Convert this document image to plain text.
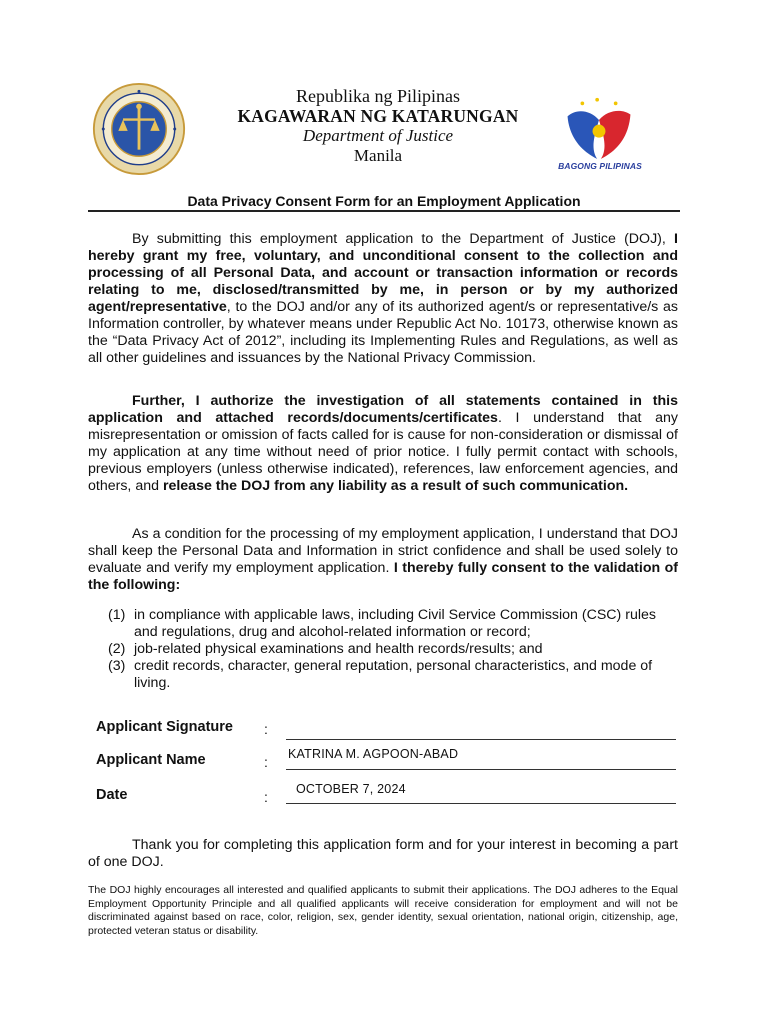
Republika ng Pilipinas
KAGAWARAN NG KATARUNGAN
Department of Justice
Manila
BAGONG PILIPINAS
Data Privacy Consent Form for an Employment Application
By submitting this employment application to the Department of Justice (DOJ), I hereby grant my free, voluntary, and unconditional consent to the collection and processing of all Personal Data, and account or transaction information or records relating to me, disclosed/transmitted by me, in person or by my authorized agent/representative, to the DOJ and/or any of its authorized agent/s or representative/s as Information controller, by whatever means under Republic Act No. 10173, otherwise known as the “Data Privacy Act of 2012”, including its Implementing Rules and Regulations, as well as all other guidelines and issuances by the National Privacy Commission.
Further, I authorize the investigation of all statements contained in this application and attached records/documents/certificates. I understand that any misrepresentation or omission of facts called for is cause for non-consideration or dismissal of my application at any time without need of prior notice. I fully permit contact with schools, previous employers (unless otherwise indicated), references, law enforcement agencies, and others, and release the DOJ from any liability as a result of such communication.
As a condition for the processing of my employment application, I understand that DOJ shall keep the Personal Data and Information in strict confidence and shall be used solely to evaluate and verify my employment application. I thereby fully consent to the validation of the following:
(1) in compliance with applicable laws, including Civil Service Commission (CSC) rules and regulations, drug and alcohol-related information or record;
(2) job-related physical examinations and health records/results; and
(3) credit records, character, general reputation, personal characteristics, and mode of living.
Applicant Signature :
Applicant Name	: KATRINA M. AGPOON-ABAD
Date	: OCTOBER 7, 2024
Thank you for completing this application form and for your interest in becoming a part of one DOJ.
The DOJ highly encourages all interested and qualified applicants to submit their applications. The DOJ adheres to the Equal Employment Opportunity Principle and all qualified applicants will receive consideration for employment and will not be discriminated against based on race, color, religion, sex, gender identity, sexual orientation, national origin, citizenship, age, protected veteran status or disability.
